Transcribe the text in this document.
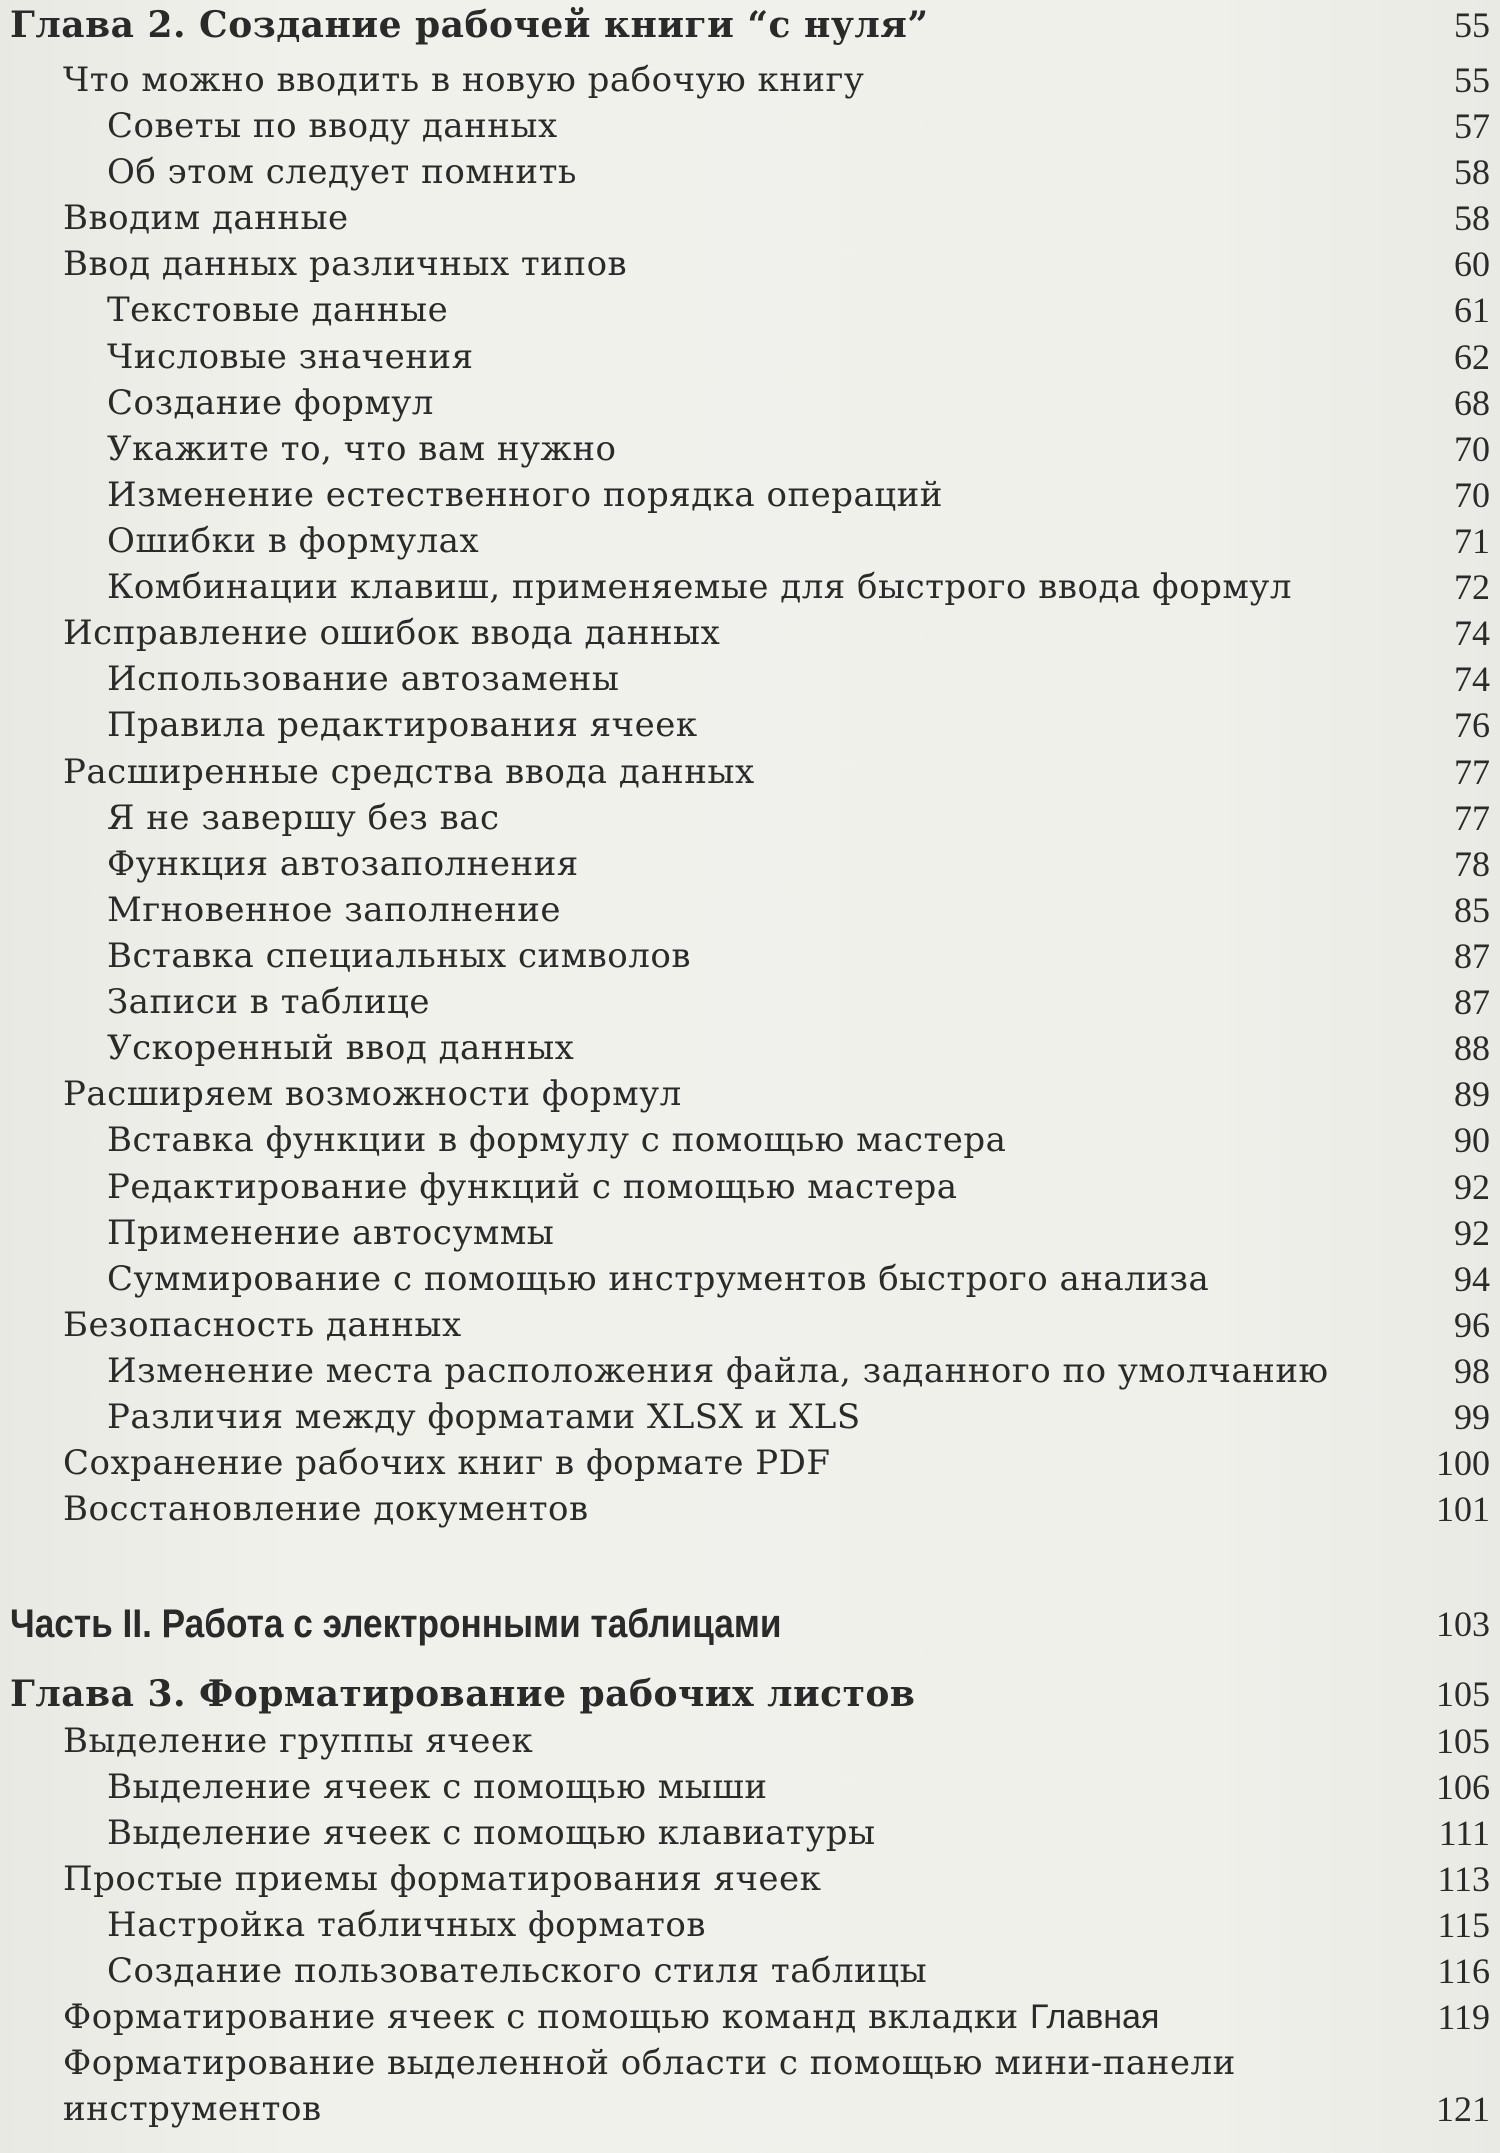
Глава 2. Создание рабочей книги “с нуля”	55
Что можно вводить в новую рабочую книгу	55
Советы по вводу данных	57
Об этом следует помнить	58
Вводим данные	58
Ввод данных различных типов	60
Текстовые данные	61
Числовые значения	62
Создание формул	68
Укажите то, что вам нужно	70
Изменение естественного порядка операций	70
Ошибки в формулах	71
Комбинации клавиш, применяемые для быстрого ввода формул	72
Исправление ошибок ввода данных	74
Использование автозамены	74
Правила редактирования ячеек	76
Расширенные средства ввода данных	77
Я не завершу без вас	77
Функция автозаполнения	78
Мгновенное заполнение	85
Вставка специальных символов	87
Записи в таблице	87
Ускоренный ввод данных	88
Расширяем возможности формул	89
Вставка функции в формулу с помощью мастера	90
Редактирование функций с помощью мастера	92
Применение автосуммы	92
Суммирование с помощью инструментов быстрого анализа	94
Безопасность данных	96
Изменение места расположения файла, заданного по умолчанию	98
Различия между форматами XLSX и XLS	99
Сохранение рабочих книг в формате PDF	100
Восстановление документов	101
Часть II. Работа с электронными таблицами	103
Глава 3. Форматирование рабочих листов	105
Выделение группы ячеек	105
Выделение ячеек с помощью мыши	106
Выделение ячеек с помощью клавиатуры	111
Простые приемы форматирования ячеек	113
Настройка табличных форматов	115
Создание пользовательского стиля таблицы	116
Форматирование ячеек с помощью команд вкладки Главная	119
Форматирование выделенной области с помощью мини-панели
инструментов	121
